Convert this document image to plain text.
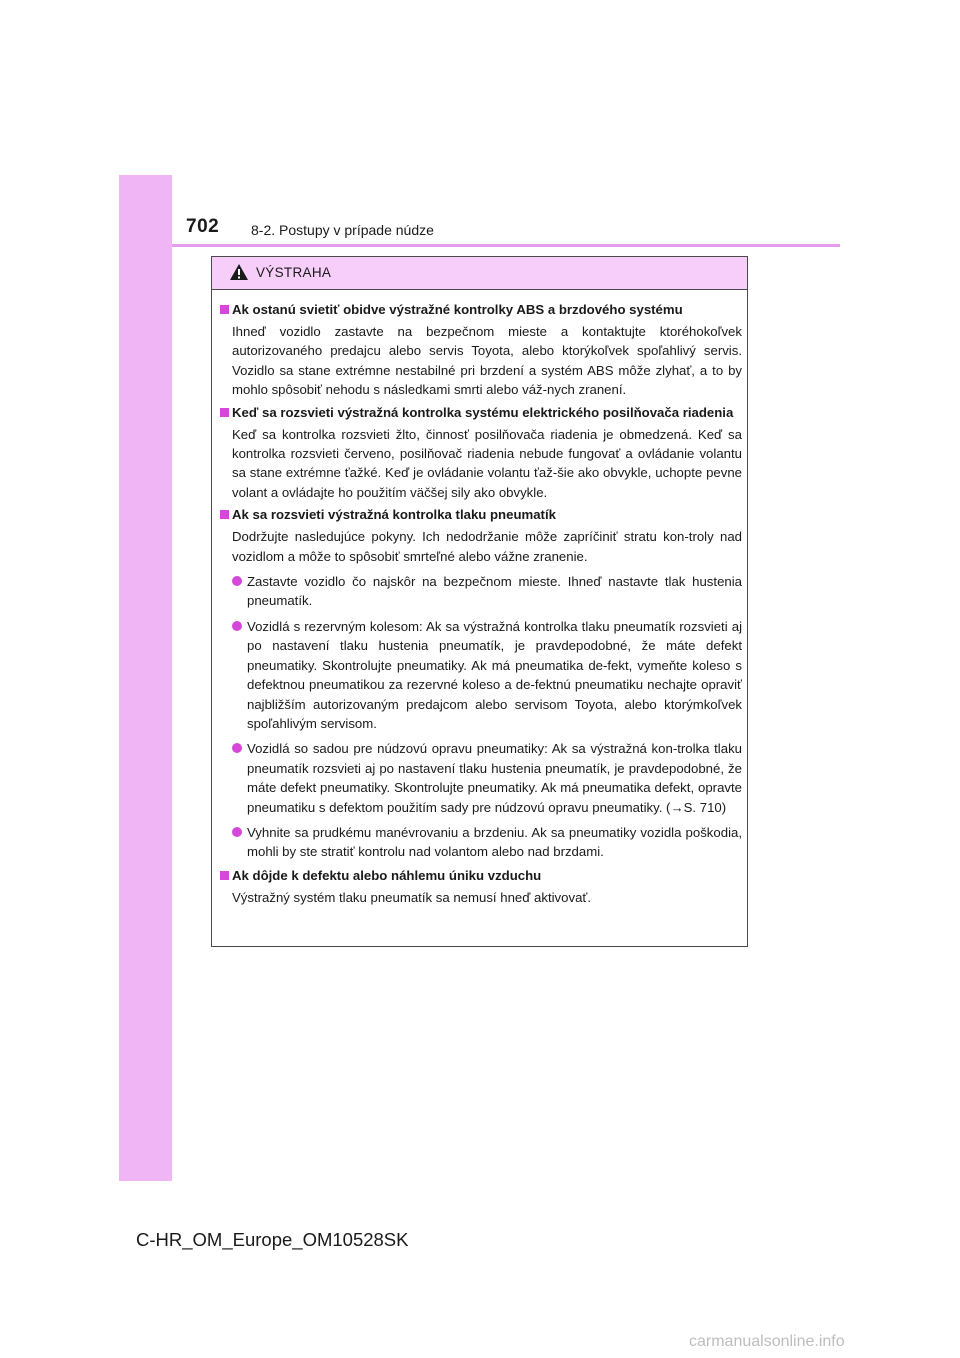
702 8-2. Postupy v prípade núdze

VÝSTRAHA
Ak ostanú svietiť obidve výstražné kontrolky ABS a brzdového systému

Ihneď vozidlo zastavte na bezpečnom mieste a kontaktujte ktoréhokoľvek autorizovaného predajcu alebo servis Toyota, alebo ktorýkoľvek spoľahlivý servis. Vozidlo sa stane extrémne nestabilné pri brzdení a systém ABS môže zlyhať, a to by mohlo spôsobiť nehodu s následkami smrti alebo váž-nych zranení.

Keď sa rozsvieti výstražná kontrolka systému elektrického posilňovača riadenia

Keď sa kontrolka rozsvieti žlto, činnosť posilňovača riadenia je obmedzená. Keď sa kontrolka rozsvieti červeno, posilňovač riadenia nebude fungovať a ovládanie volantu sa stane extrémne ťažké. Keď je ovládanie volantu ťaž-šie ako obvykle, uchopte pevne volant a ovládajte ho použitím väčšej sily ako obvykle.

Ak sa rozsvieti výstražná kontrolka tlaku pneumatík

Dodržujte nasledujúce pokyny. Ich nedodržanie môže zapríčiniť stratu kon-troly nad vozidlom a môže to spôsobiť smrteľné alebo vážne zranenie.

Zastavte vozidlo čo najskôr na bezpečnom mieste. Ihneď nastavte tlak hustenia pneumatík.
Vozidlá s rezervným kolesom: Ak sa výstražná kontrolka tlaku pneumatík rozsvieti aj po nastavení tlaku hustenia pneumatík, je pravdepodobné, že máte defekt pneumatiky. Skontrolujte pneumatiky. Ak má pneumatika de-fekt, vymeňte koleso s defektnou pneumatikou za rezervné koleso a de-fektnú pneumatiku nechajte opraviť najbližším autorizovaným predajcom alebo servisom Toyota, alebo ktorýmkoľvek spoľahlivým servisom.
Vozidlá so sadou pre núdzovú opravu pneumatiky: Ak sa výstražná kon-trolka tlaku pneumatík rozsvieti aj po nastavení tlaku hustenia pneumatík, je pravdepodobné, že máte defekt pneumatiky. Skontrolujte pneumatiky. Ak má pneumatika defekt, opravte pneumatiku s defektom použitím sady pre núdzovú opravu pneumatiky. (→S. 710)
Vyhnite sa prudkému manévrovaniu a brzdeniu. Ak sa pneumatiky vozidla poškodia, mohli by ste stratiť kontrolu nad volantom alebo nad brzdami.
Ak dôjde k defektu alebo náhlemu úniku vzduchu

Výstražný systém tlaku pneumatík sa nemusí hneď aktivovať.

C-HR_OM_Europe_OM10528SK

carmanualsonline.info
